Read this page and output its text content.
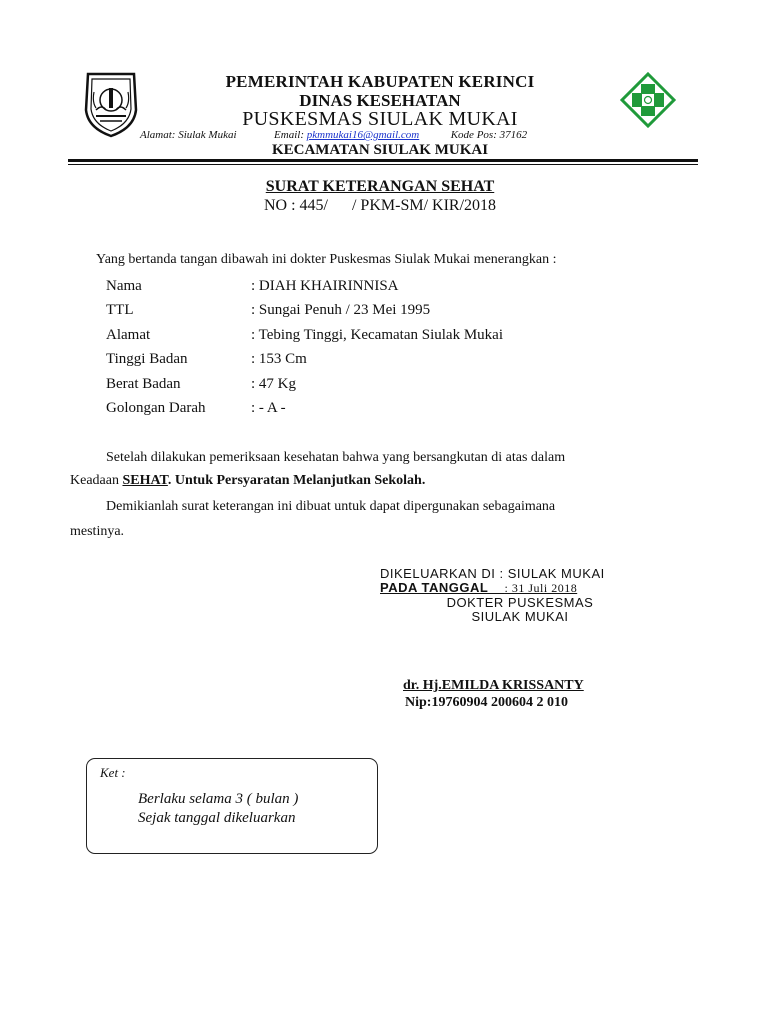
PEMERINTAH KABUPATEN KERINCI
DINAS KESEHATAN
PUSKESMAS SIULAK MUKAI
Alamat: Siulak Mukai	Email: pkmmukai16@gmail.com	Kode Pos: 37162
KECAMATAN SIULAK MUKAI
SURAT KETERANGAN SEHAT
NO : 445/      / PKM-SM/ KIR/2018
Yang bertanda tangan dibawah ini dokter Puskesmas Siulak Mukai menerangkan :
Nama	: DIAH KHAIRINNISA
TTL	: Sungai Penuh / 23 Mei 1995
Alamat	: Tebing Tinggi, Kecamatan Siulak Mukai
Tinggi Badan	: 153 Cm
Berat Badan	: 47 Kg
Golongan Darah	: - A -
Setelah dilakukan pemeriksaan kesehatan bahwa yang bersangkutan di atas dalam
Keadaan SEHAT. Untuk Persyaratan Melanjutkan Sekolah.
Demikianlah surat keterangan ini dibuat untuk dapat dipergunakan sebagaimana
mestinya.
DIKELUARKAN DI : SIULAK MUKAI
PADA TANGGAL    : 31 Juli 2018
DOKTER PUSKESMAS
SIULAK MUKAI
dr. Hj.EMILDA KRISSANTY
Nip:19760904 200604 2 010
Ket :
Berlaku selama 3 ( bulan )
Sejak tanggal dikeluarkan
